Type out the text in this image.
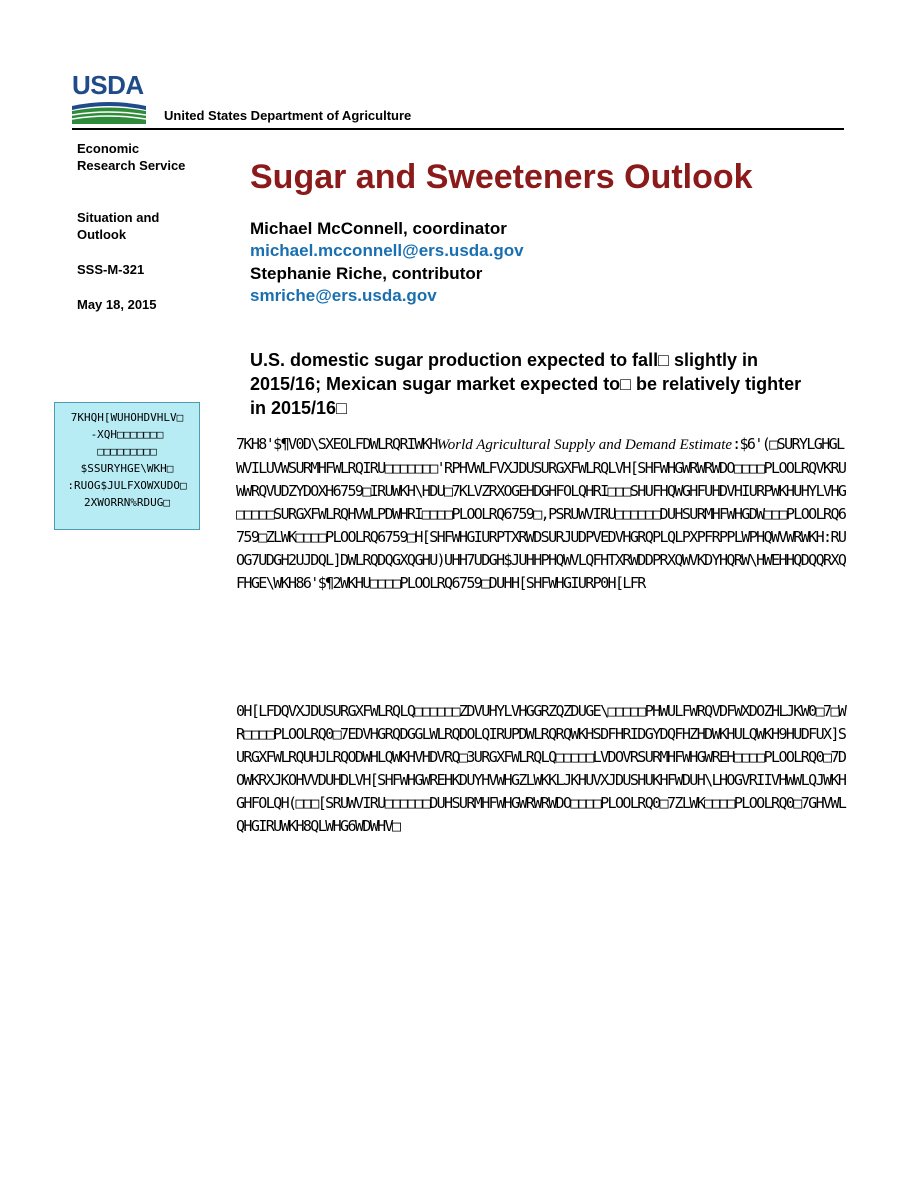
USDA
United States Department of Agriculture
Economic Research Service
Situation and Outlook
SSS-M-321
May 18, 2015
Sugar and Sweeteners Outlook
Michael McConnell, coordinator
michael.mcconnell@ers.usda.gov
Stephanie Riche, contributor
smriche@ers.usda.gov
U.S. domestic sugar production expected to fall□ slightly in 2015/16; Mexican sugar market expected to□ be relatively tighter in 2015/16□
7KHQH[WUHOHDVHLV□
-XQH□□□□□□□
□□□□□□□□□
$SSURYHGE\WKH□
:RUOG$JULFXOWXUDO□
2XWORRN%RDUG□
7KH8'$¶V0D\SXEOLFDWLRQRIWKHWorld Agricultural Supply and Demand Estimate:$6'(□SURYLGHGLWVILUVWSURMHFWLRQIRU□□□□□□□'RPHVWLFVXJDUSURGXFWLRQLVH[SHFWHGWRWRWDO□□□□PLOOLRQVKRUWWRQVUDZYDOXH6759□IRUWKH\HDU□7KLVZRXOGEHDGHFOLQHRI□□□SHUFHQWGHFUHDVHIURPWKHUHYLVHG□□□□□SURGXFWLRQHVWLPDWHRI□□□□PLOOLRQ6759□,PSRUWVIRU□□□□□□DUHSURMHFWHGDW□□□PLOOLRQ6759□ZLWK□□□□PLOOLRQ6759□H[SHFWHGIURPTXRWDSURJUDPVEDVHGRQPLQLPXPFRPPLWPHQWVWRWKH:RUOG7UDGH2UJDQL]DWLRQDQGXQGHU)UHH7UDGH$JUHHPHQWVLQFHTXRWDDPRXQWVKDYHQRW\HWEHHQDQQRXQFHGE\WKH86'$¶2WKHU□□□□PLOOLRQ6759□DUHH[SHFWHGIURP0H[LFR
0H[LFDQVXJDUSURGXFWLRQLQ□□□□□□ZDVUHYLVHGGRZQZDUGE\□□□□□PHWULFWRQVDFWXDOZHLJKW0□7□WR□□□□PLOOLRQ0□7EDVHGRQDGGLWLRQDOLQIRUPDWLRQRQWKHSDFHRIDGYDQFHZHDWKHULQWKH9HUDFUX]SURGXFWLRQUHJLRQODWHLQWKHVHDVRQ□3URGXFWLRQLQ□□□□□LVDOVRSURMHFWHGWREH□□□□PLOOLRQ0□7DOWKRXJKOHVVDUHDLVH[SHFWHGWREHKDUYHVWHGZLWKKLJKHUVXJDUSHUKHFWDUH\LHOGVRIIVHWWLQJWKHGHFOLQH(□□□[SRUWVIRU□□□□□□DUHSURMHFWHGWRWRWDO□□□□PLOOLRQ0□7ZLWK□□□□PLOOLRQ0□7GHVWLQHGIRUWKH8QLWHG6WDWHV□
